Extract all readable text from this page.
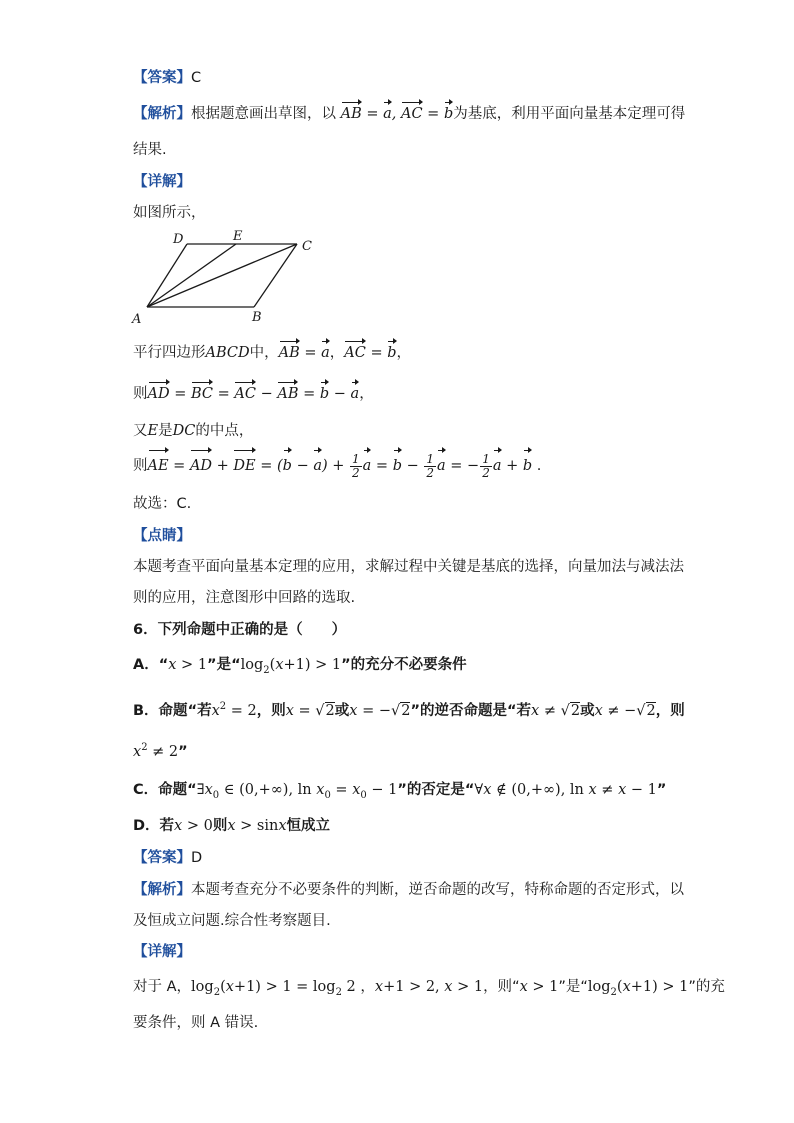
【答案】C
【解析】根据题意画出草图，以 AB = a, AC = b为基底，利用平面向量基本定理可得
结果.
【详解】
如图所示，
D	E
C
A	B
平行四边形ABCD中，AB = a，AC = b，
则AD = BC = AC − AB = b − a，
又E是DC的中点，
则AE = AD + DE = $(b - a) + \frac{1}{2}$ $a = b - \frac{1}{2}$ a = − $\frac{1}{2}$ a + b .
故选：C.
【点睛】
本题考查平面向量基本定理的应用，求解过程中关键是基底的选择，向量加法与减法法
则的应用，注意图形中回路的选取.
6．下列命题中正确的是（　　）
A．“x > 1”是“$\log_2(x+1) > 1$”的充分不必要条件
B．命题“若$x^2 = 2$，则x = √2或x = −√2”的逆否命题是“若x ≠ √2或x ≠ −√2，则
$x^2 \ne 2$”
C．命题“$\exists x_0$ ∈ (0,+∞), $\ln x_0 = x_0 - 1$”的否定是“∀x ∉ (0,+∞), ln x ≠ x − 1”
D．若x > 0则x > sinx恒成立
【答案】D
【解析】本题考查充分不必要条件的判断，逆否命题的改写，特称命题的否定形式，以
及恒成立问题.综合性考察题目.
【详解】
对于 A，$\log_2(x+1) > 1 = \log_2 2$ ，x+1 > 2, x > 1，则“x > 1”是“$\log_2(x+1) > 1$”的充
要条件，则 A 错误.
